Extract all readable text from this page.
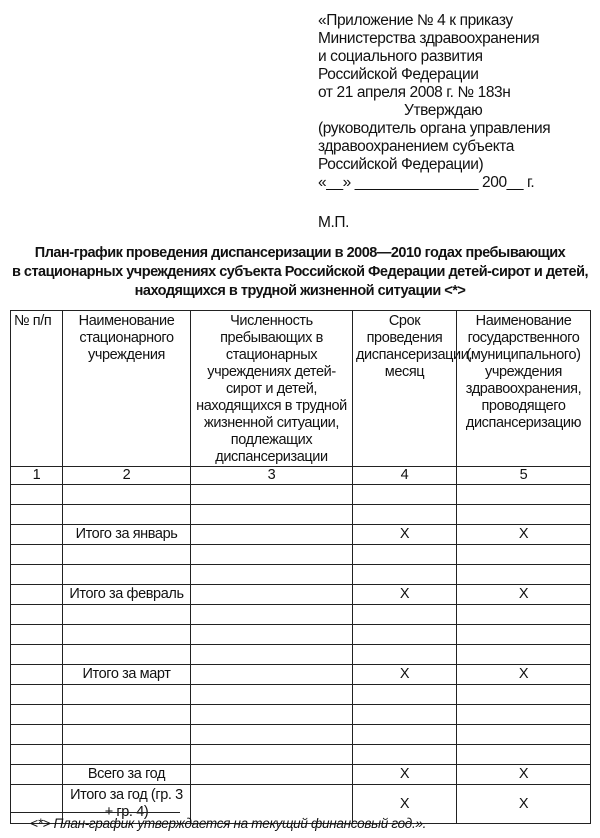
«Приложение № 4 к приказу
Министерства здравоохранения
и социального развития
Российской Федерации
от 21 апреля 2008 г. № 183н
Утверждаю
(руководитель органа управления
здравоохранением субъекта
Российской Федерации)
«__» _______________ 200__ г.
М.П.
План-график проведения диспансеризации в 2008—2010 годах пребывающих
в стационарных учреждениях субъекта Российской Федерации детей-сирот и детей,
находящихся в трудной жизненной ситуации <*>
№ п/п	Наименование стационарного учреждения	Численность пребывающих в стационарных учреждениях детей-сирот и детей, находящихся в трудной жизненной ситуации, подлежащих диспансеризации	Срок проведения диспансеризации, месяц	Наименование государственного (муниципального) учреждения здравоохранения, проводящего диспансеризацию
1	2	3	4	5

	Итого за январь		X	X

	Итого за февраль		X	X

	Итого за март		X	X

	Всего за год		X	X
	Итого за год (гр. 3 + гр. 4)		X	X
<*> План-график утверждается на текущий финансовый год.».
